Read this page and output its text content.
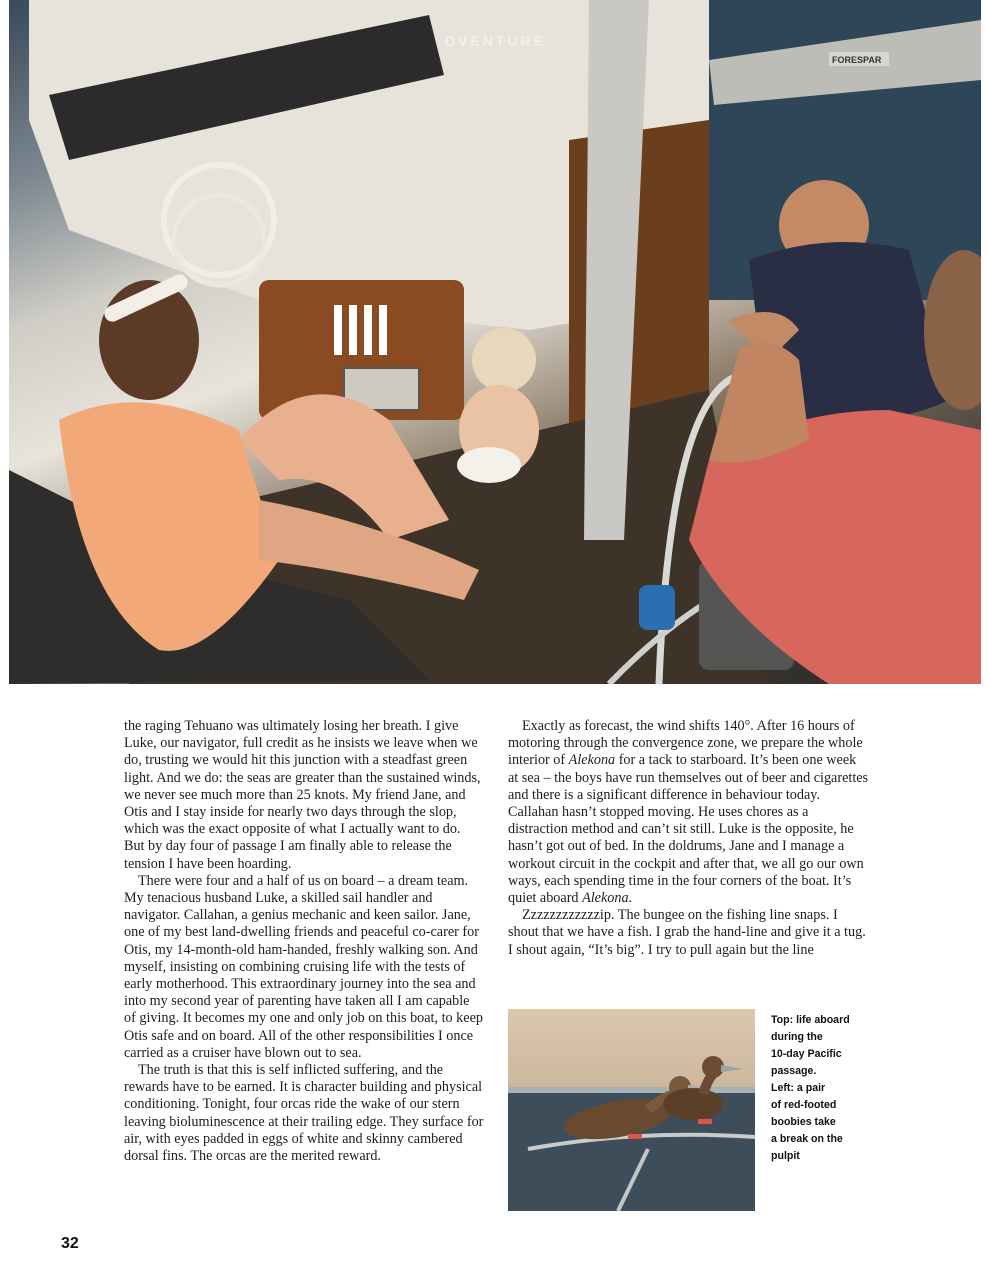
FORESPAR
DVENTURE

the raging Tehuano was ultimately losing her breath. I give Luke, our navigator, full credit as he insists we leave when we do, trusting we would hit this junction with a steadfast green light. And we do: the seas are greater than the sustained winds, we never see much more than 25 knots. My friend Jane, and Otis and I stay inside for nearly two days through the slop, which was the exact opposite of what I actually want to do. But by day four of passage I am finally able to release the tension I have been hoarding.

There were four and a half of us on board – a dream team. My tenacious husband Luke, a skilled sail handler and navigator. Callahan, a genius mechanic and keen sailor. Jane, one of my best land-dwelling friends and peaceful co-carer for Otis, my 14-month-old ham-handed, freshly walking son. And myself, insisting on combining cruising life with the tests of early motherhood. This extraordinary journey into the sea and into my second year of parenting have taken all I am capable of giving. It becomes my one and only job on this boat, to keep Otis safe and on board. All of the other responsibilities I once carried as a cruiser have blown out to sea.

The truth is that this is self inflicted suffering, and the rewards have to be earned. It is character building and physical conditioning. Tonight, four orcas ride the wake of our stern leaving bioluminescence at their trailing edge. They surface for air, with eyes padded in eggs of white and skinny cambered dorsal fins. The orcas are the merited reward.

Exactly as forecast, the wind shifts 140°. After 16 hours of motoring through the convergence zone, we prepare the whole interior of Alekona for a tack to starboard. It’s been one week at sea – the boys have run themselves out of beer and cigarettes and there is a significant difference in behaviour today. Callahan hasn’t stopped moving. He uses chores as a distraction method and can’t sit still. Luke is the opposite, he hasn’t got out of bed. In the doldrums, Jane and I manage a workout circuit in the cockpit and after that, we all go our own ways, each spending time in the four corners of the boat. It’s quiet aboard Alekona.

Zzzzzzzzzzzzip. The bungee on the fishing line snaps. I shout that we have a fish. I grab the hand-line and give it a tug. I shout again, “It’s big”. I try to pull again but the line

Top: life aboard
during the
10-day Pacific
passage.
Left: a pair
of red-footed
boobies take
a break on the
pulpit
32
